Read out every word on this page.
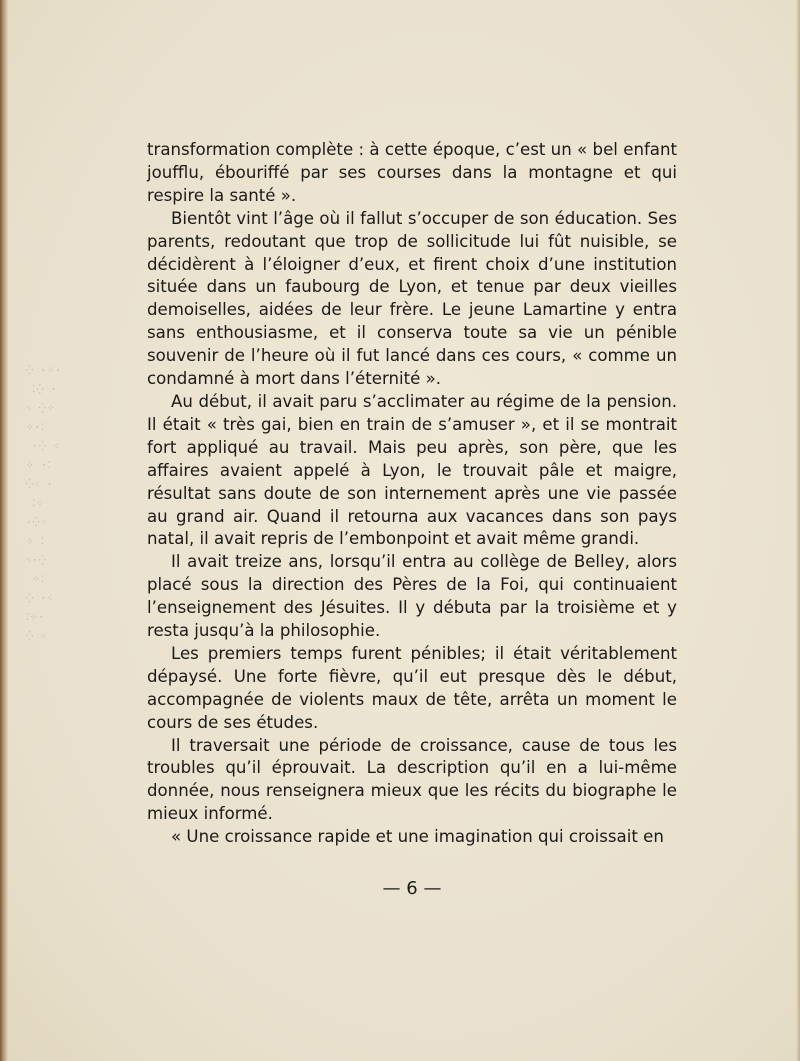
⁛ ·⁘·
⁚⁛ ·
⁖ ⁛⁘
⁘·⁚
·⁛ ⁖
⁘ ·⁚
⁛⁖ ·
⁚⁘
·⁛⁖
⁘ ⁚
⁖·⁛
⁘⁚
⁛ ·⁖
⁚⁘·
⁛ ⁖

transformation complète : à cette époque, c’est un « bel enfant joufflu, ébouriffé par ses courses dans la montagne et qui respire la santé ».

Bientôt vint l’âge où il fallut s’occuper de son éducation. Ses parents, redoutant que trop de sollicitude lui fût nuisible, se décidèrent à l’éloigner d’eux, et firent choix d’une institution située dans un faubourg de Lyon, et tenue par deux vieilles demoiselles, aidées de leur frère. Le jeune Lamartine y entra sans enthousiasme, et il conserva toute sa vie un pénible souvenir de l’heure où il fut lancé dans ces cours, « comme un condamné à mort dans l’éternité ».

Au début, il avait paru s’acclimater au régime de la pension. Il était « très gai, bien en train de s’amuser », et il se montrait fort appliqué au travail. Mais peu après, son père, que les affaires avaient appelé à Lyon, le trouvait pâle et maigre, résultat sans doute de son internement après une vie passée au grand air. Quand il retourna aux vacances dans son pays natal, il avait repris de l’embonpoint et avait même grandi.

Il avait treize ans, lorsqu’il entra au collège de Belley, alors placé sous la direction des Pères de la Foi, qui continuaient l’enseignement des Jésuites. Il y débuta par la troisième et y resta jusqu’à la philosophie.

Les premiers temps furent pénibles; il était véritablement dépaysé. Une forte fièvre, qu’il eut presque dès le début, accompagnée de violents maux de tête, arrêta un moment le cours de ses études.

Il traversait une période de croissance, cause de tous les troubles qu’il éprouvait. La description qu’il en a lui-même donnée, nous renseignera mieux que les récits du biographe le mieux informé.

« Une croissance rapide et une imagination qui croissait en

— 6 —
